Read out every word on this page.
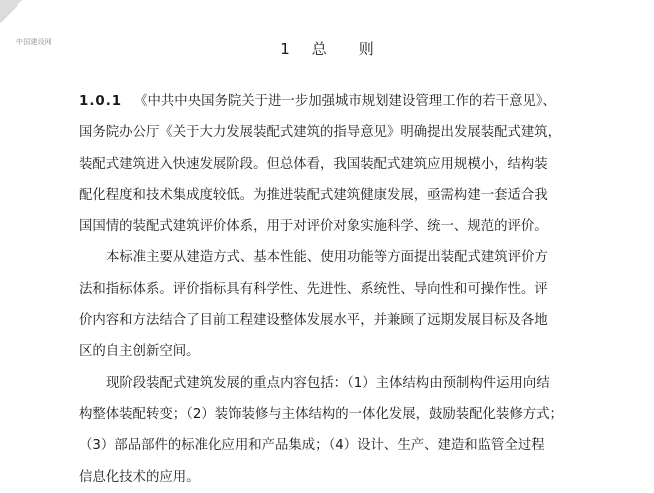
中国建设网	1 总 则
1.0.1 《中共中央国务院关于进一步加强城市规划建设管理工作的若干意见》、
国务院办公厅《关于大力发展装配式建筑的指导意见》明确提出发展装配式建筑，
装配式建筑进入快速发展阶段。但总体看，我国装配式建筑应用规模小，结构装
配化程度和技术集成度较低。为推进装配式建筑健康发展，亟需构建一套适合我
国国情的装配式建筑评价体系，用于对评价对象实施科学、统一、规范的评价。
本标准主要从建造方式、基本性能、使用功能等方面提出装配式建筑评价方
法和指标体系。评价指标具有科学性、先进性、系统性、导向性和可操作性。评
价内容和方法结合了目前工程建设整体发展水平，并兼顾了远期发展目标及各地
区的自主创新空间。
现阶段装配式建筑发展的重点内容包括：（1）主体结构由预制构件运用向结
构整体装配转变；（2）装饰装修与主体结构的一体化发展，鼓励装配化装修方式；
（3）部品部件的标准化应用和产品集成；（4）设计、生产、建造和监管全过程
信息化技术的应用。
